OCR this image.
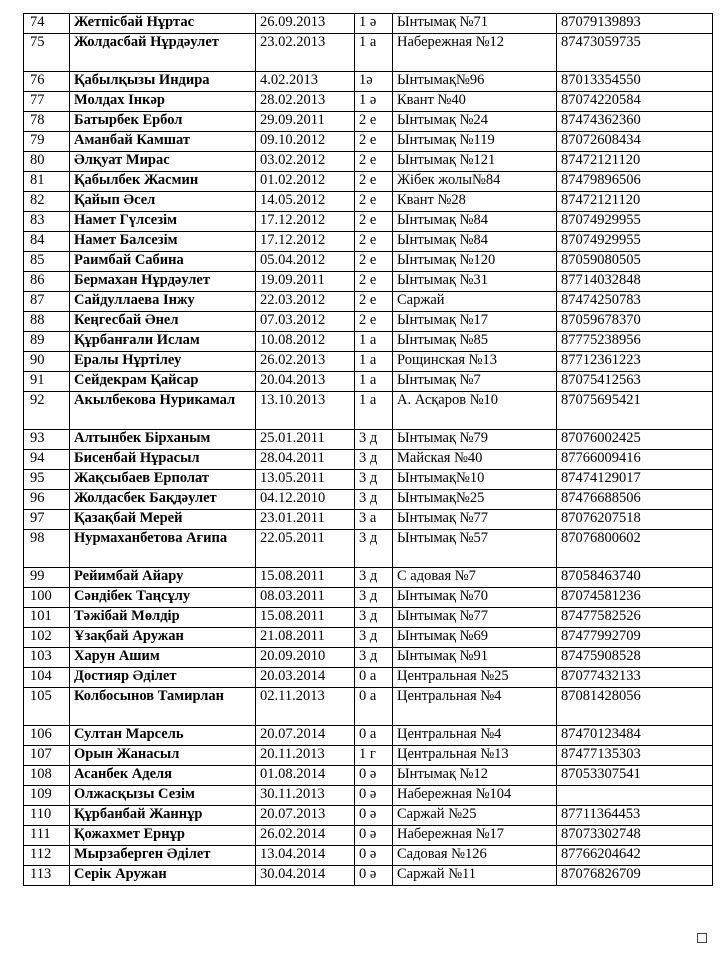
74	Жетпісбай Нұртас	26.09.2013	1 ә	Ынтымақ №71	87079139893
75	Жолдасбай Нұрдәулет	23.02.2013	1 а	Набережная №12	87473059735
76	Қабылқызы Индира	4.02.2013	1ә	Ынтымақ№96	87013354550
77	Молдах Інкәр	28.02.2013	1 ә	Квант №40	87074220584
78	Батырбек Ербол	29.09.2011	2 е	Ынтымақ №24	87474362360
79	Аманбай Камшат	09.10.2012	2 е	Ынтымақ №119	87072608434
80	Әлқуат Мирас	03.02.2012	2 е	Ынтымақ №121	87472121120
81	Қабылбек Жасмин	01.02.2012	2 е	Жібек жолы№84	87479896506
82	Қайып Әсел	14.05.2012	2 е	Квант №28	87472121120
83	Намет Гүлсезім	17.12.2012	2 е	Ынтымақ №84	87074929955
84	Намет Балсезім	17.12.2012	2 е	Ынтымақ №84	87074929955
85	Раимбай Сабина	05.04.2012	2 е	Ынтымақ №120	87059080505
86	Бермахан Нұрдәулет	19.09.2011	2 е	Ынтымақ №31	87714032848
87	Сайдуллаева Інжу	22.03.2012	2 е	Саржай	87474250783
88	Кеңгесбай Әнел	07.03.2012	2 е	Ынтымақ №17	87059678370
89	Құрбанғали Ислам	10.08.2012	1 а	Ынтымақ №85	87775238956
90	Ералы Нұртілеу	26.02.2013	1 а	Рощинская №13	87712361223
91	Сейдекрам Қайсар	20.04.2013	1 а	Ынтымақ №7	87075412563
92	Акылбекова Нурикамал	13.10.2013	1 а	А. Асқаров №10	87075695421
93	Алтынбек Бірханым	25.01.2011	3 д	Ынтымақ №79	87076002425
94	Бисенбай Нұрасыл	28.04.2011	3 д	Майская №40	87766009416
95	Жақсыбаев Ерполат	13.05.2011	3 д	Ынтымақ№10	87474129017
96	Жолдасбек Бақдәулет	04.12.2010	3 д	Ынтымақ№25	87476688506
97	Қазақбай Мерей	23.01.2011	3 а	Ынтымақ №77	87076207518
98	Нурмаханбетова Ағипа	22.05.2011	3 д	Ынтымақ №57	87076800602
99	Рейимбай Айару	15.08.2011	3 д	С адовая №7	87058463740
100	Сәндібек Таңсұлу	08.03.2011	3 д	Ынтымақ №70	87074581236
101	Тәжібай Мөлдір	15.08.2011	3 д	Ынтымақ №77	87477582526
102	Ұзақбай Аружан	21.08.2011	3 д	Ынтымақ №69	87477992709
103	Харун Ашим	20.09.2010	3 д	Ынтымақ №91	87475908528
104	Достияр Әділет	20.03.2014	0 а	Центральная №25	87077432133
105	Колбосынов Тамирлан	02.11.2013	0 а	Центральная №4	87081428056
106	Султан Марсель	20.07.2014	0 а	Центральная №4	87470123484
107	Орын Жанасыл	20.11.2013	1 г	Центральная №13	87477135303
108	Асанбек Аделя	01.08.2014	0 ә	Ынтымақ №12	87053307541
109	Олжасқызы Сезім	30.11.2013	0 ә	Набережная №104	
110	Құрбанбай Жаннұр	20.07.2013	0 ә	Саржай №25	87711364453
111	Қожахмет Ернұр	26.02.2014	0 ә	Набережная №17	87073302748
112	Мырзаберген Әділет	13.04.2014	0 ә	Садовая №126	87766204642
113	Серік Аружан	30.04.2014	0 ә	Саржай №11	87076826709
